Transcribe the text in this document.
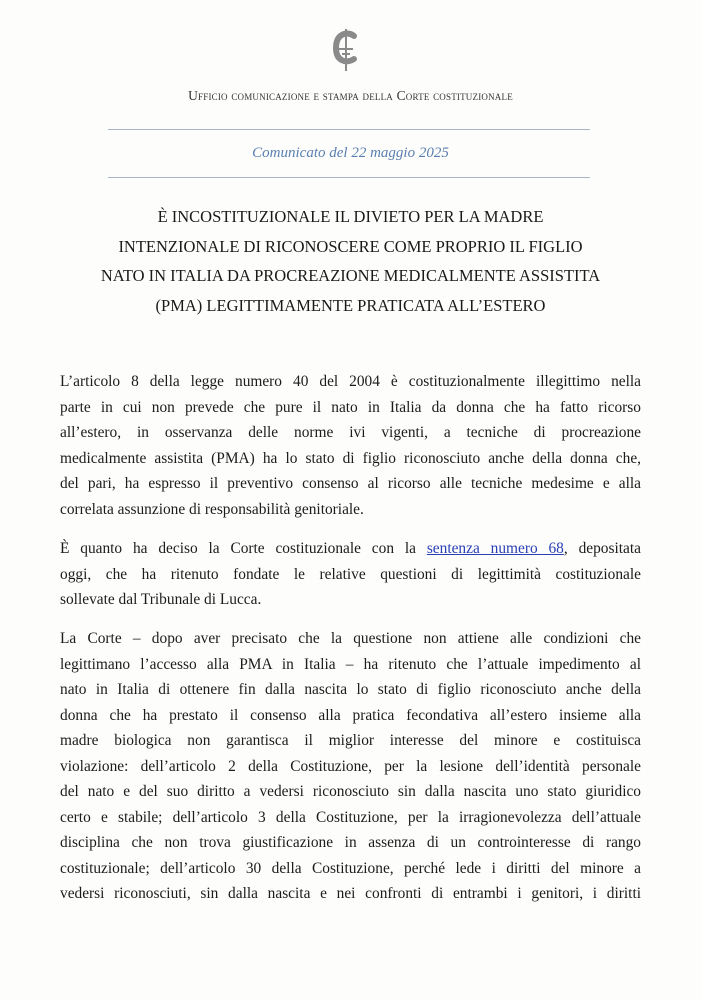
Ufficio comunicazione e stampa della Corte costituzionale
Comunicato del 22 maggio 2025
È INCOSTITUZIONALE IL DIVIETO PER LA MADRE
INTENZIONALE DI RICONOSCERE COME PROPRIO IL FIGLIO
NATO IN ITALIA DA PROCREAZIONE MEDICALMENTE ASSISTITA
(PMA) LEGITTIMAMENTE PRATICATA ALL’ESTERO
L’articolo 8 della legge numero 40 del 2004 è costituzionalmente illegittimo nella
parte in cui non prevede che pure il nato in Italia da donna che ha fatto ricorso
all’estero, in osservanza delle norme ivi vigenti, a tecniche di procreazione
medicalmente assistita (PMA) ha lo stato di figlio riconosciuto anche della donna che,
del pari, ha espresso il preventivo consenso al ricorso alle tecniche medesime e alla
correlata assunzione di responsabilità genitoriale.
È quanto ha deciso la Corte costituzionale con la sentenza numero 68, depositata
oggi, che ha ritenuto fondate le relative questioni di legittimità costituzionale
sollevate dal Tribunale di Lucca.
La Corte – dopo aver precisato che la questione non attiene alle condizioni che
legittimano l’accesso alla PMA in Italia – ha ritenuto che l’attuale impedimento al
nato in Italia di ottenere fin dalla nascita lo stato di figlio riconosciuto anche della
donna che ha prestato il consenso alla pratica fecondativa all’estero insieme alla
madre biologica non garantisca il miglior interesse del minore e costituisca
violazione: dell’articolo 2 della Costituzione, per la lesione dell’identità personale
del nato e del suo diritto a vedersi riconosciuto sin dalla nascita uno stato giuridico
certo e stabile; dell’articolo 3 della Costituzione, per la irragionevolezza dell’attuale
disciplina che non trova giustificazione in assenza di un controinteresse di rango
costituzionale; dell’articolo 30 della Costituzione, perché lede i diritti del minore a
vedersi riconosciuti, sin dalla nascita e nei confronti di entrambi i genitori, i diritti
